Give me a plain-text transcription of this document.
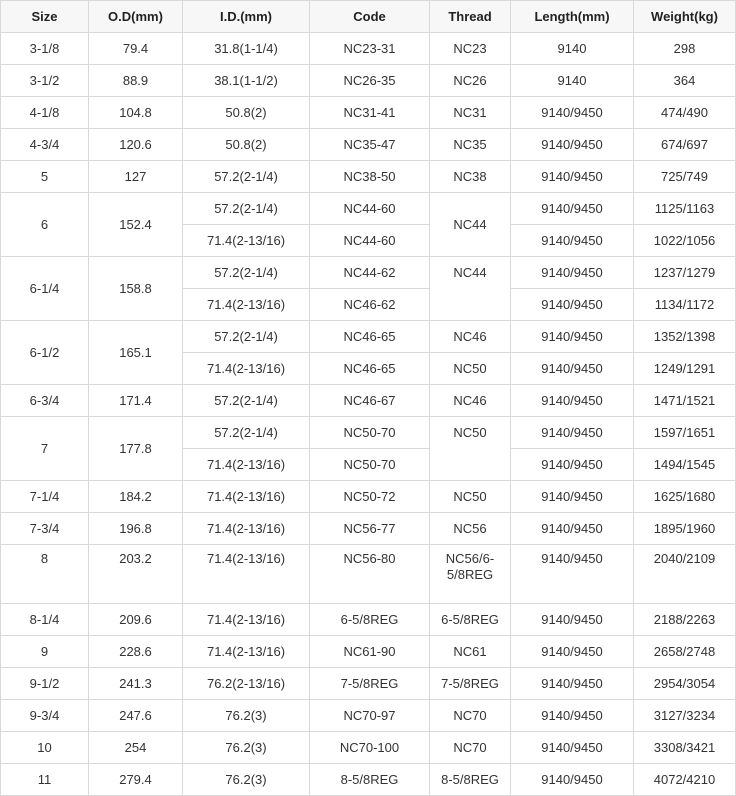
Size	O.D(mm)	I.D.(mm)	Code	Thread	Length(mm)	Weight(kg)
3-1/8	79.4	31.8(1-1/4)	NC23-31	NC23	9140	298
3-1/2	88.9	38.1(1-1/2)	NC26-35	NC26	9140	364
4-1/8	104.8	50.8(2)	NC31-41	NC31	9140/9450	474/490
4-3/4	120.6	50.8(2)	NC35-47	NC35	9140/9450	674/697
5	127	57.2(2-1/4)	NC38-50	NC38	9140/9450	725/749
6	152.4	57.2(2-1/4)	NC44-60	NC44	9140/9450	1125/1163
		71.4(2-13/16)	NC44-60		9140/9450	1022/1056
6-1/4	158.8	57.2(2-1/4)	NC44-62	NC44	9140/9450	1237/1279
		71.4(2-13/16)	NC46-62		9140/9450	1134/1172
6-1/2	165.1	57.2(2-1/4)	NC46-65	NC46	9140/9450	1352/1398
		71.4(2-13/16)	NC46-65	NC50	9140/9450	1249/1291
6-3/4	171.4	57.2(2-1/4)	NC46-67	NC46	9140/9450	1471/1521
7	177.8	57.2(2-1/4)	NC50-70	NC50	9140/9450	1597/1651
		71.4(2-13/16)	NC50-70		9140/9450	1494/1545
7-1/4	184.2	71.4(2-13/16)	NC50-72	NC50	9140/9450	1625/1680
7-3/4	196.8	71.4(2-13/16)	NC56-77	NC56	9140/9450	1895/1960
8	203.2	71.4(2-13/16)	NC56-80	NC56/6-5/8REG	9140/9450	2040/2109
8-1/4	209.6	71.4(2-13/16)	6-5/8REG	6-5/8REG	9140/9450	2188/2263
9	228.6	71.4(2-13/16)	NC61-90	NC61	9140/9450	2658/2748
9-1/2	241.3	76.2(2-13/16)	7-5/8REG	7-5/8REG	9140/9450	2954/3054
9-3/4	247.6	76.2(3)	NC70-97	NC70	9140/9450	3127/3234
10	254	76.2(3)	NC70-100	NC70	9140/9450	3308/3421
11	279.4	76.2(3)	8-5/8REG	8-5/8REG	9140/9450	4072/4210
